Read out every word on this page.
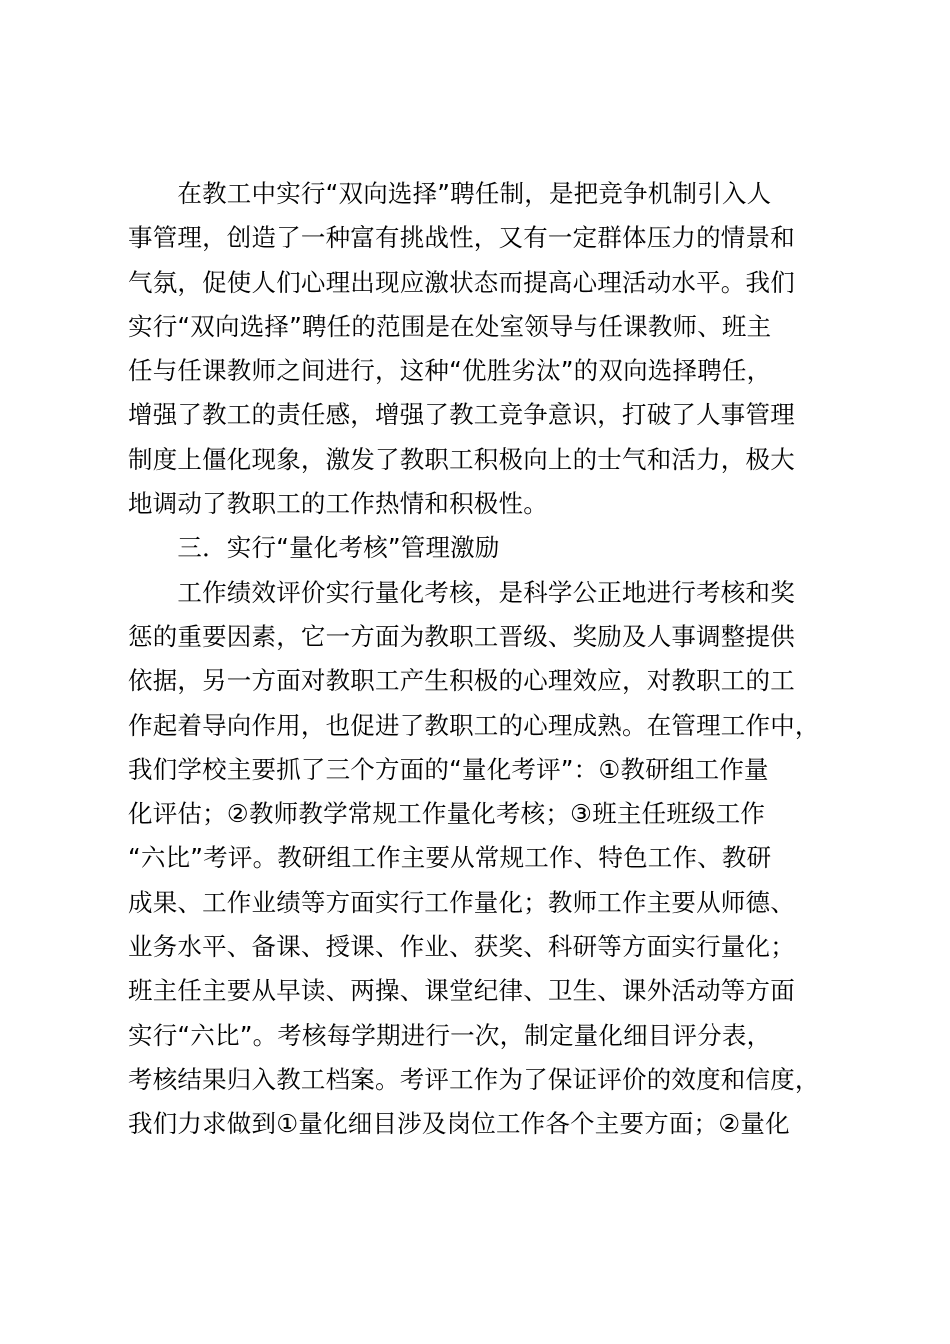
　　在教工中实行“双向选择”聘任制，是把竞争机制引入人
事管理，创造了一种富有挑战性，又有一定群体压力的情景和
气氛，促使人们心理出现应激状态而提高心理活动水平。我们
实行“双向选择”聘任的范围是在处室领导与任课教师、班主
任与任课教师之间进行，这种“优胜劣汰”的双向选择聘任，
增强了教工的责任感，增强了教工竞争意识，打破了人事管理
制度上僵化现象，激发了教职工积极向上的士气和活力，极大
地调动了教职工的工作热情和积极性。
　　三．实行“量化考核”管理激励
　　工作绩效评价实行量化考核，是科学公正地进行考核和奖
惩的重要因素，它一方面为教职工晋级、奖励及人事调整提供
依据，另一方面对教职工产生积极的心理效应，对教职工的工
作起着导向作用，也促进了教职工的心理成熟。在管理工作中，
我们学校主要抓了三个方面的“量化考评”：①教研组工作量
化评估；②教师教学常规工作量化考核；③班主任班级工作
“六比”考评。教研组工作主要从常规工作、特色工作、教研
成果、工作业绩等方面实行工作量化；教师工作主要从师德、
业务水平、备课、授课、作业、获奖、科研等方面实行量化；
班主任主要从早读、两操、课堂纪律、卫生、课外活动等方面
实行“六比”。考核每学期进行一次，制定量化细目评分表，
考核结果归入教工档案。考评工作为了保证评价的效度和信度，
我们力求做到①量化细目涉及岗位工作各个主要方面；②量化
